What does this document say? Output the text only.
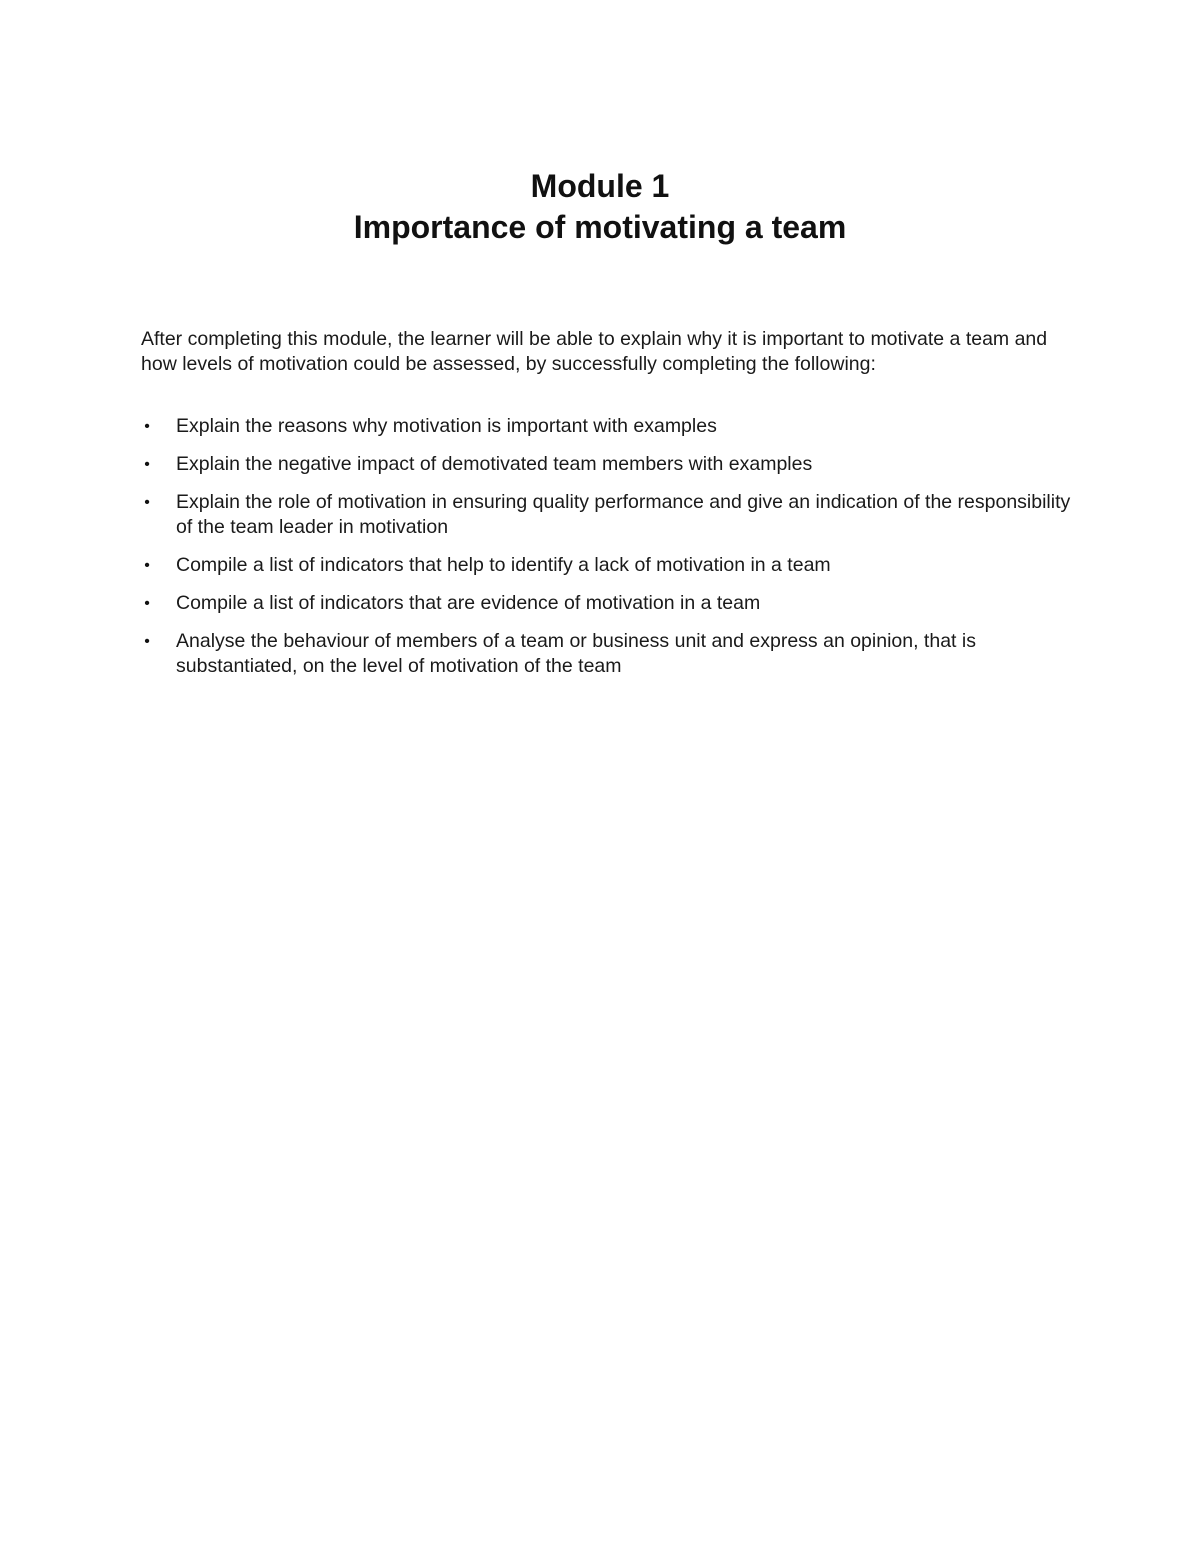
Module 1
Importance of motivating a team

After completing this module, the learner will be able to explain why it is important to motivate a team and how levels of motivation could be assessed, by successfully completing the following:

• Explain the reasons why motivation is important with examples
• Explain the negative impact of demotivated team members with examples
• Explain the role of motivation in ensuring quality performance and give an indication of the responsibility of the team leader in motivation
• Compile a list of indicators that help to identify a lack of motivation in a team
• Compile a list of indicators that are evidence of motivation in a team
• Analyse the behaviour of members of a team or business unit and express an opinion, that is substantiated, on the level of motivation of the team
